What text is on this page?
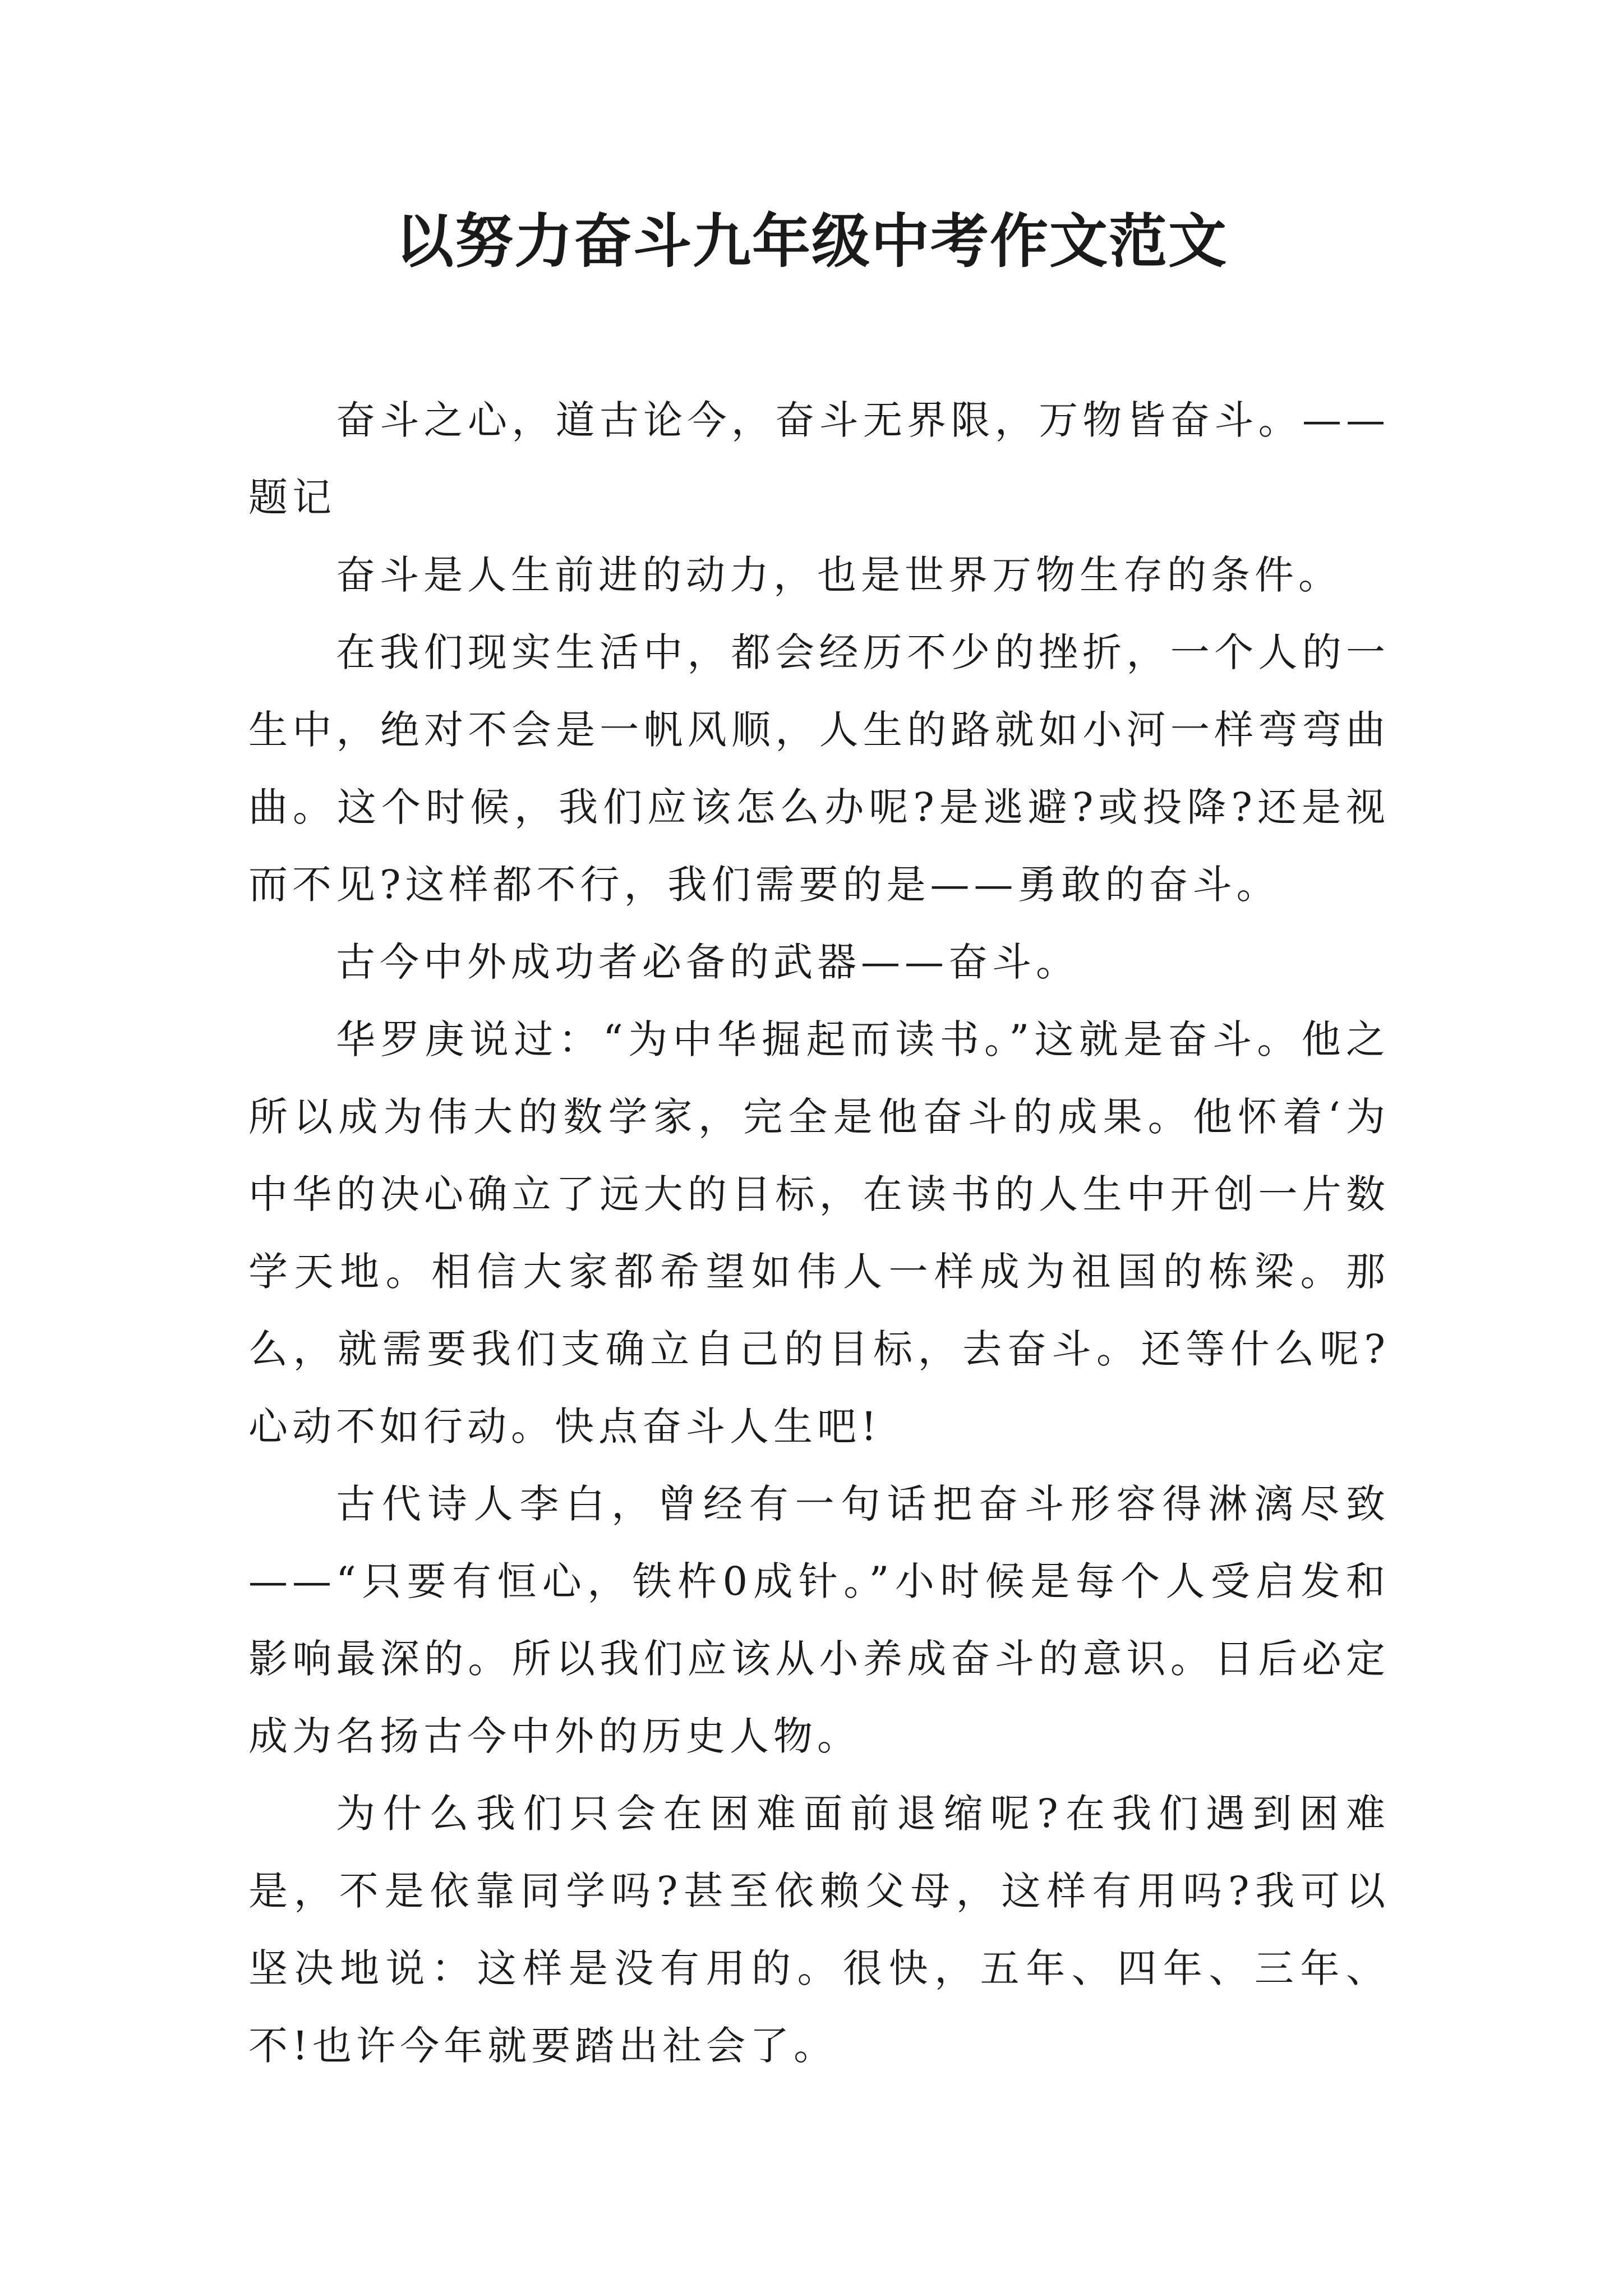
以努力奋斗九年级中考作文范文

奋斗之心，道古论今，奋斗无界限，万物皆奋斗。——题记

奋斗是人生前进的动力，也是世界万物生存的条件。

在我们现实生活中，都会经历不少的挫折，一个人的一生中，绝对不会是一帆风顺，人生的路就如小河一样弯弯曲曲。这个时候，我们应该怎么办呢?是逃避?或投降?还是视而不见?这样都不行，我们需要的是——勇敢的奋斗。

古今中外成功者必备的武器——奋斗。

华罗庚说过：“为中华掘起而读书。”这就是奋斗。他之所以成为伟大的数学家，完全是他奋斗的成果。他怀着‘为中华的决心确立了远大的目标，在读书的人生中开创一片数学天地。相信大家都希望如伟人一样成为祖国的栋梁。那么，就需要我们支确立自己的目标，去奋斗。还等什么呢?心动不如行动。快点奋斗人生吧!

古代诗人李白，曾经有一句话把奋斗形容得淋漓尽致——“只要有恒心，铁杵0成针。”小时候是每个人受启发和影响最深的。所以我们应该从小养成奋斗的意识。日后必定成为名扬古今中外的历史人物。

为什么我们只会在困难面前退缩呢?在我们遇到困难是，不是依靠同学吗?甚至依赖父母，这样有用吗?我可以坚决地说：这样是没有用的。很快，五年、四年、三年、不!也许今年就要踏出社会了。
